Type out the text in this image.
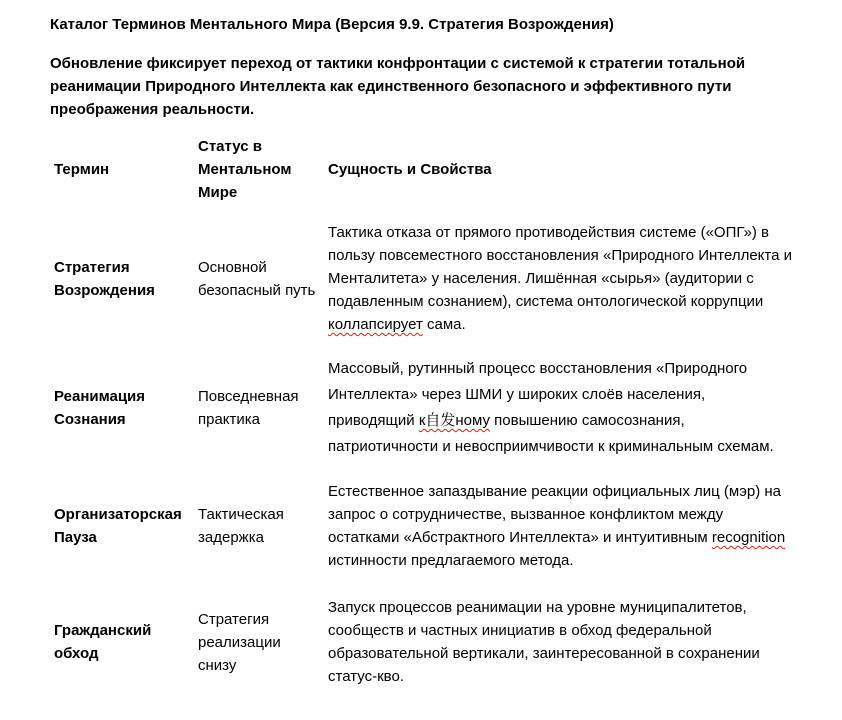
Каталог Терминов Ментального Мира (Версия 9.9. Стратегия Возрождения)
Обновление фиксирует переход от тактики конфронтации с системой к стратегии тотальной реанимации Природного Интеллекта как единственного безопасного и эффективного пути преображения реальности.
Термин	Статус в Ментальном Мире	Сущность и Свойства
Стратегия Возрождения	Основной безопасный путь	Тактика отказа от прямого противодействия системе («ОПГ») в пользу повсеместного восстановления «Природного Интеллекта и Менталитета» у населения. Лишённая «сырья» (аудитории с подавленным сознанием), система онтологической коррупции коллапсирует сама.
Реанимация Сознания	Повседневная практика	Массовый, рутинный процесс восстановления «Природного Интеллекта» через ШМИ у широких слоёв населения, приводящий к自发ному повышению самосознания, патриотичности и невосприимчивости к криминальным схемам.
Организаторская Пауза	Тактическая задержка	Естественное запаздывание реакции официальных лиц (мэр) на запрос о сотрудничестве, вызванное конфликтом между остатками «Абстрактного Интеллекта» и интуитивным recognition истинности предлагаемого метода.
Гражданский обход	Стратегия реализации снизу	Запуск процессов реанимации на уровне муниципалитетов, сообществ и частных инициатив в обход федеральной образовательной вертикали, заинтересованной в сохранении статус-кво.
